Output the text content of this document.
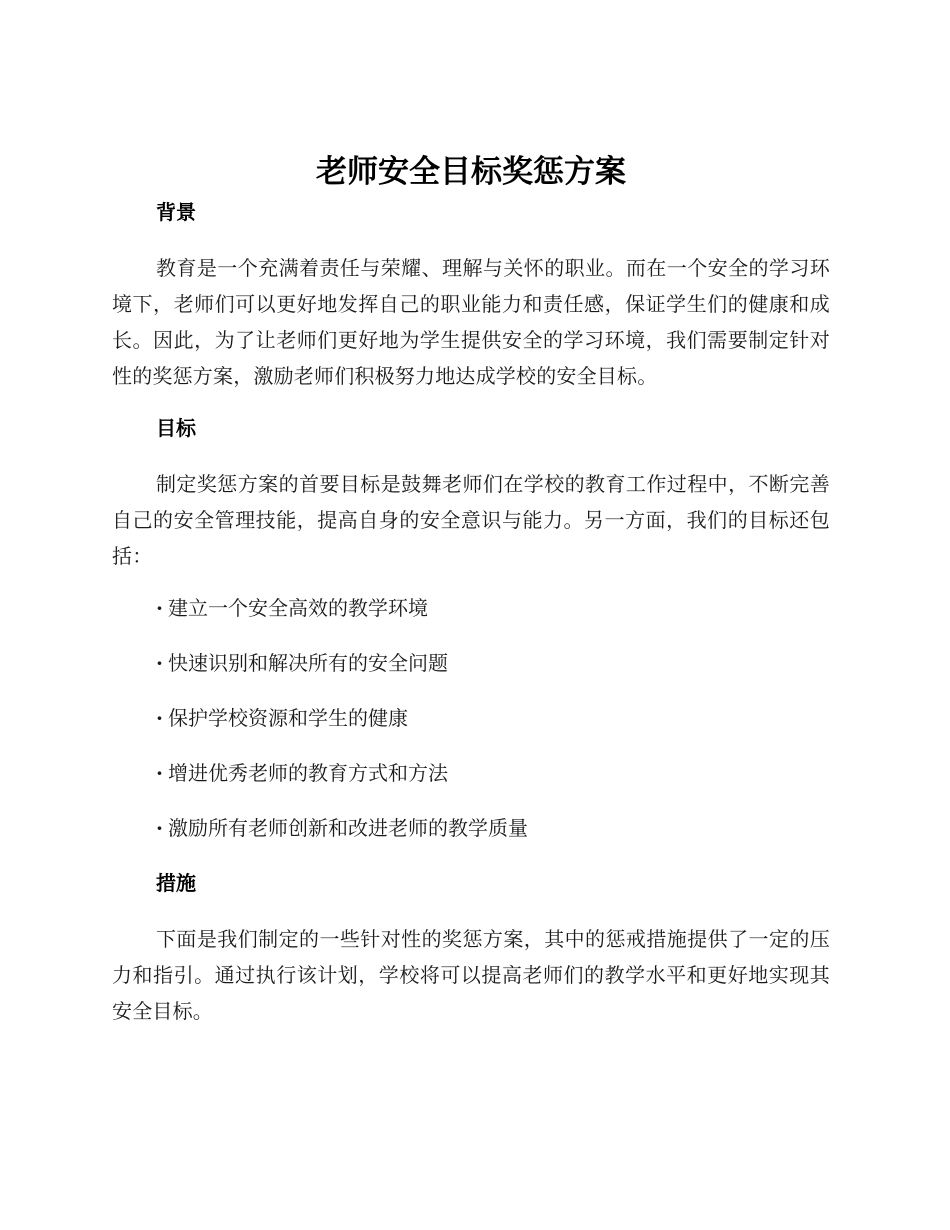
老师安全目标奖惩方案
背景

教育是一个充满着责任与荣耀、理解与关怀的职业。而在一个安全的学习环境下，老师们可以更好地发挥自己的职业能力和责任感，保证学生们的健康和成长。因此，为了让老师们更好地为学生提供安全的学习环境，我们需要制定针对性的奖惩方案，激励老师们积极努力地达成学校的安全目标。

目标

制定奖惩方案的首要目标是鼓舞老师们在学校的教育工作过程中，不断完善自己的安全管理技能，提高自身的安全意识与能力。另一方面，我们的目标还包括：

· 建立一个安全高效的教学环境
· 快速识别和解决所有的安全问题
· 保护学校资源和学生的健康
· 增进优秀老师的教育方式和方法
· 激励所有老师创新和改进老师的教学质量
措施

下面是我们制定的一些针对性的奖惩方案，其中的惩戒措施提供了一定的压力和指引。通过执行该计划，学校将可以提高老师们的教学水平和更好地实现其安全目标。
